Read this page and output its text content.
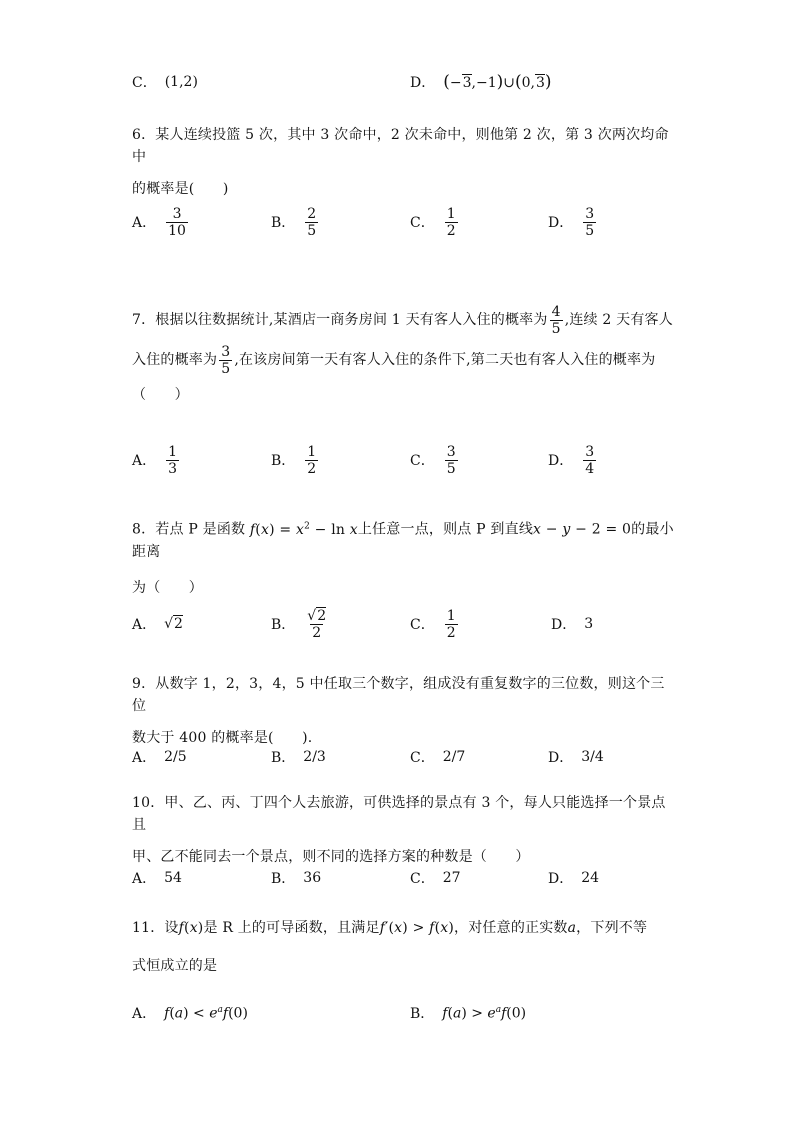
C． (1,2)	D． (−3,−1)∪(0,3)
6．某人连续投篮 5 次，其中 3 次命中，2 次未命中，则他第 2 次，第 3 次两次均命中
的概率是(　　)
A． $\frac{3}{10}$	B． $\frac{2}{5}$	C． $\frac{1}{2}$	D． $\frac{3}{5}$
7．根据以往数据统计,某酒店一商务房间 1 天有客人入住的概率为 $\frac{4}{5}$ ,连续 2 天有客人
入住的概率为 $\frac{3}{5}$ ,在该房间第一天有客人入住的条件下,第二天也有客人入住的概率为
（　　）
A． $\frac{1}{3}$	B． $\frac{1}{2}$	C． $\frac{3}{5}$	D． $\frac{3}{4}$
8．若点 P 是函数 $f(x) = x^2 - \ln x$上任意一点，则点 P 到直线x − y − 2 = 0的最小距离
为（　　）
A． √2	B． $\frac{√2}{2}$	C． $\frac{1}{2}$	D． 3
9．从数字 1，2，3，4，5 中任取三个数字，组成没有重复数字的三位数，则这个三位
数大于 400 的概率是(　　).
A． 2/5	B． 2/3	C． 2/7	D． 3/4
10．甲、乙、丙、丁四个人去旅游，可供选择的景点有 3 个，每人只能选择一个景点且
甲、乙不能同去一个景点，则不同的选择方案的种数是（　　）
A． 54	B． 36	C． 27	D． 24
11．设f(x)是 R 上的可导函数，且满足f′(x) > f(x)，对任意的正实数a，下列不等
式恒成立的是
A． $f(a) < e^af(0)$	B． $f(a) > e^af(0)$
